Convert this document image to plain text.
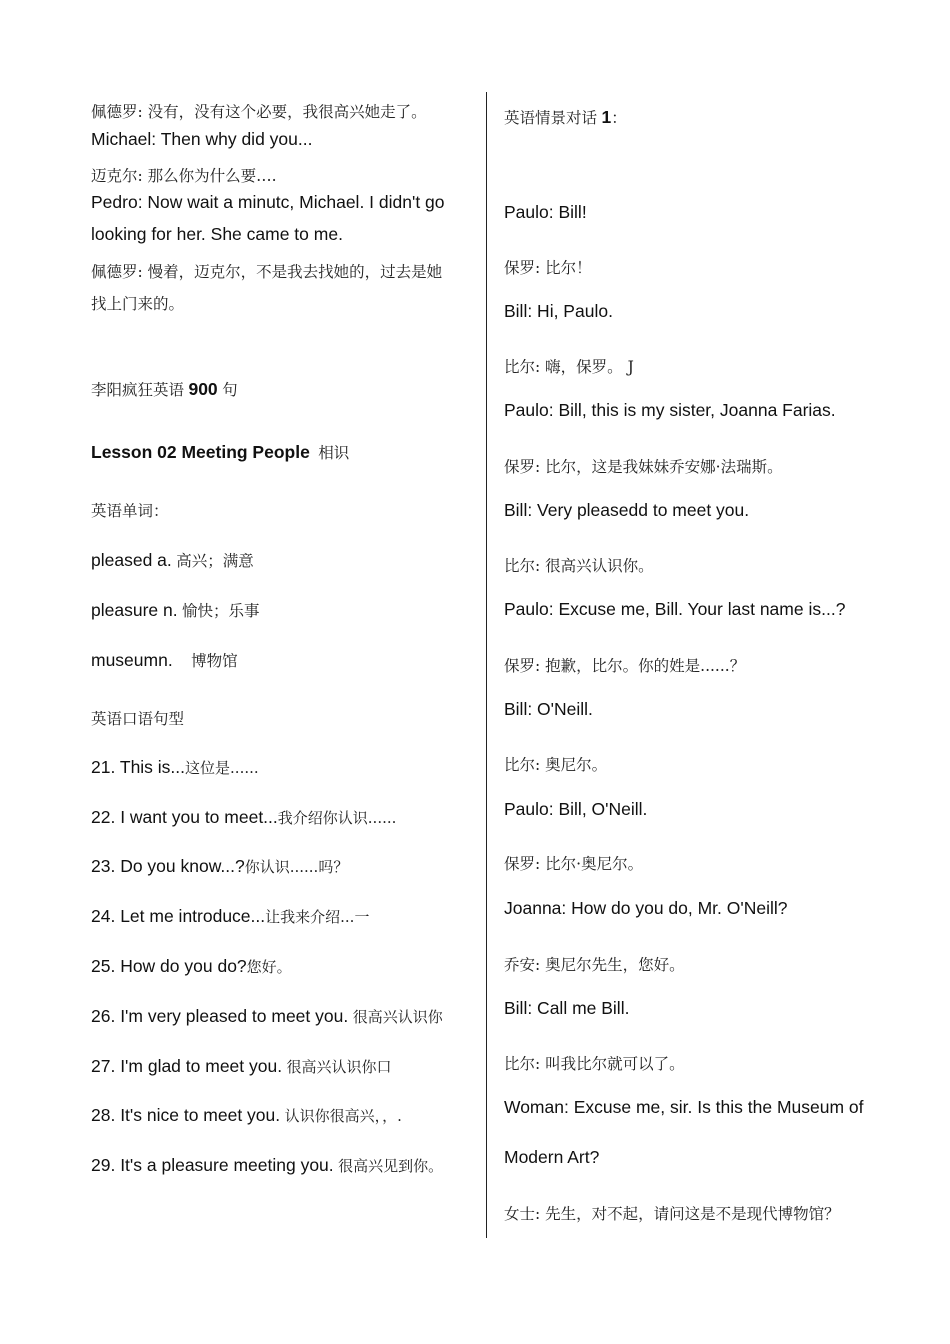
佩德罗: 没有，没有这个必要，我很高兴她走了。
Michael: Then why did you...
迈克尔: 那么你为什么要….
Pedro: Now wait a minutc, Michael. I didn't go
looking for her. She came to me.
佩德罗: 慢着，迈克尔，不是我去找她的，过去是她
找上门来的。
李阳疯狂英语 900 句
Lesson 02 Meeting People 相识
英语单词：
pleased a. 高兴；满意
pleasure n. 愉快；乐事
museumn. 博物馆
英语口语句型
21. This is...这位是......
22. I want you to meet...我介绍你认识......
23. Do you know...?你认识......吗？
24. Let me introduce...让我来介绍...一
25. How do you do?您好。
26. I'm very pleased to meet you. 很高兴认识你
27. I'm glad to meet you. 很高兴认识你口
28. It's nice to meet you. 认识你很高兴，，.
29. It's a pleasure meeting you. 很高兴见到你。
英语情景对话 1：
Paulo: Bill!
保罗: 比尔！
Bill: Hi, Paulo.
比尔: 嗨，保罗。 J
Paulo: Bill, this is my sister, Joanna Farias.
保罗: 比尔，这是我妹妹乔安娜·法瑞斯。
Bill: Very pleasedd to meet you.
比尔: 很高兴认识你。
Paulo: Excuse me, Bill. Your last name is...?
保罗: 抱歉，比尔。你的姓是......？
Bill: O'Neill.
比尔: 奥尼尔。
Paulo: Bill, O'Neill.
保罗: 比尔·奥尼尔。
Joanna: How do you do, Mr. O'Neill?
乔安: 奥尼尔先生，您好。
Bill: Call me Bill.
比尔: 叫我比尔就可以了。
Woman: Excuse me, sir. Is this the Museum of
Modern Art?
女士: 先生，对不起，请问这是不是现代博物馆？
